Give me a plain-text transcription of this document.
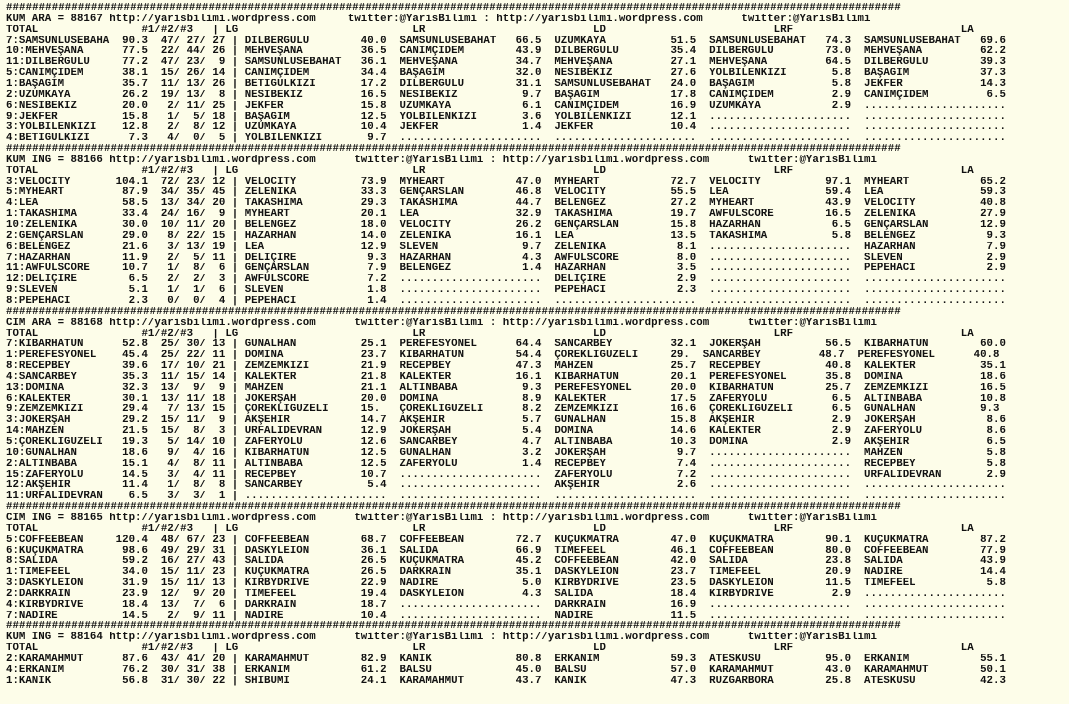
#########################################################################################################################################
KUM ARA = 88167 http://yarisbilimi.wordpress.com     twitter:@YarisBilimi : http://yarisbilimi.wordpress.com      twitter:@YarisBilimi
TOTAL                #1/#2/#3   | LG                           LR                          LD                          LRF                          LA
7:SAMSUNLUSEBAHA  90.3  47/ 27/ 27 | DİLBERGÜLÜ        40.0  SAMSUNLUSEBAHAT   66.5  ÜZÜMKAYA          51.5  SAMSUNLUSEBAHAT   74.3  SAMSUNLUSEBAHAT   69.6
10:MEHVEŞANA      77.5  22/ 44/ 26 | MEHVEŞANA         36.5  CANIMÇİDEM        43.9  DİLBERGÜLÜ        35.4  DİLBERGÜLÜ        73.0  MEHVEŞANA         62.2
11:DİLBERGÜLÜ     77.2  47/ 23/  9 | SAMSUNLUSEBAHAT   36.1  MEHVEŞANA         34.7  MEHVEŞANA         27.1  MEHVEŞANA         64.5  DİLBERGÜLÜ        39.3
5:CANIMÇİDEM      38.1  15/ 26/ 14 | CANIMÇİDEM        34.4  BAŞAĞIM           32.0  NESİBEKİZ         27.6  YOLBİLENKIZI       5.8  BAŞAĞIM           37.3
1:BAŞAĞIM         35.7  11/ 13/ 26 | BETİGÜLKIZI       17.2  DİLBERGÜLÜ        31.1  SAMSUNLUSEBAHAT   24.0  BAŞAĞIM            5.8  JEKFER            14.3
2:ÜZÜMKAYA        26.2  19/ 13/  8 | NESİBEKİZ         16.5  NESİBEKİZ          9.7  BAŞAĞIM           17.8  CANIMÇİDEM         2.9  CANIMÇİDEM         6.5
6:NESİBEKİZ       20.0   2/ 11/ 25 | JEKFER            15.8  ÜZÜMKAYA           6.1  CANIMÇİDEM        16.9  ÜZÜMKAYA           2.9  ......................
9:JEKFER          15.8   1/  5/ 18 | BAŞAĞIM           12.5  YOLBİLENKIZI       3.6  YOLBİLENKIZI      12.1  ......................  ......................
3:YOLBİLENKIZI    12.8   2/  8/ 12 | ÜZÜMKAYA          10.4  JEKFER             1.4  JEKFER            10.4  ......................  ......................
4:BETİGÜLKIZI      7.3   4/  0/  5 | YOLBİLENKIZI       9.7  ......................  ......................  ......................  ......................
#########################################################################################################################################
KUM ING = 88166 http://yarisbilimi.wordpress.com      twitter:@YarisBilimi : http://yarisbilimi.wordpress.com      twitter:@YarisBilimi
TOTAL                #1/#2/#3   | LG                           LR                          LD                          LRF                          LA
3:VELOCITY       104.1  72/ 23/ 12 | VELOCITY          73.9  MYHEART           47.0  MYHEART           72.7  VELOCITY          97.1  MYHEART           65.2
5:MYHEART         87.9  34/ 35/ 45 | ZELENİKA          33.3  GENÇARSLAN        46.8  VELOCITY          55.5  LEA               59.4  LEA               59.3
4:LEA             58.5  13/ 34/ 20 | TAKASHIMA         29.3  TAKASHIMA         44.7  BELENGEZ          27.2  MYHEART           43.9  VELOCITY          40.8
1:TAKASHIMA       33.4  24/ 16/  9 | MYHEART           20.1  LEA               32.9  TAKASHIMA         19.7  AWFULSCORE        16.5  ZELENİKA          27.9
10:ZELENİKA       30.0  10/ 11/ 20 | BELENGEZ          18.0  VELOCITY          26.2  GENÇARSLAN        15.8  HAZARHAN           6.5  GENÇARSLAN        12.9
2:GENÇARSLAN      29.0   8/ 22/ 15 | HAZARHAN          14.0  ZELENİKA          16.1  LEA               13.5  TAKASHIMA          5.8  BELENGEZ           9.3
6:BELENGEZ        21.6   3/ 13/ 19 | LEA               12.9  SLEVEN             9.7  ZELENİKA           8.1  ......................  HAZARHAN           7.9
7:HAZARHAN        11.9   2/  5/ 11 | DELİÇİRE           9.3  HAZARHAN           4.3  AWFULSCORE         8.0  ......................  SLEVEN             2.9
11:AWFULSCORE     10.7   1/  8/  6 | GENÇARSLAN         7.9  BELENGEZ           1.4  HAZARHAN           3.5  ......................  PEPEHACI           2.9
12:DELİÇİRE        6.5   2/  2/  3 | AWFULSCORE         7.2  ......................  DELİÇİRE           2.9  ......................  ......................
9:SLEVEN           5.1   1/  1/  6 | SLEVEN             1.8  ......................  PEPEHACI           2.3  ......................  ......................
8:PEPEHACI         2.3   0/  0/  4 | PEPEHACI           1.4  ......................  ......................  ......................  ......................
#########################################################################################################################################
CIM ARA = 88168 http://yarisbilimi.wordpress.com      twitter:@YarisBilimi : http://yarisbilimi.wordpress.com      twitter:@YarisBilimi
TOTAL                #1/#2/#3   | LG                           LR                          LD                          LRF                          LA
7:KİBARHATUN      52.8  25/ 30/ 13 | GÜNALHAN          25.1  PEREFESYONEL      64.4  SANCARBEY         32.1  JOKERŞAH          56.5  KİBARHATUN        60.0
1:PEREFESYONEL    45.4  25/ 22/ 11 | DOMİNA            23.7  KİBARHATUN        54.4  ÇÖREKLİGÜZELİ     29.  SANCARBEY         48.7  PEREFESYONEL      40.8
8:RECEPBEY        39.6  17/ 10/ 21 | ZEMZEMKIZI        21.9  RECEPBEY          47.3  MAHZEN            25.7  RECEPBEY          40.8  KALEKTER          35.1
4:SANCARBEY       35.3  11/ 15/ 14 | KALEKTER          21.8  KALEKTER          16.1  KİBARHATUN        20.1  PEREFESYONEL      35.8  DOMİNA            18.6
13:DOMİNA         32.3  13/  9/  9 | MAHZEN            21.1  ALTINBABA          9.3  PEREFESYONEL      20.0  KİBARHATUN        25.7  ZEMZEMKIZI        16.5
6:KALEKTER        30.1  13/ 11/ 18 | JOKERŞAH          20.0  DOMİNA             8.9  KALEKTER          17.5  ZAFERYOLU          6.5  ALTINBABA         10.8
9:ZEMZEMKIZI      29.4   7/ 13/ 15 | ÇÖREKLİGÜZELİ     15.   ÇÖREKLİGÜZELİ      8.2  ZEMZEMKIZI        16.6  ÇÖREKLİGÜZELİ      6.5  GÜNALHAN          9.3
3:JOKERŞAH        29.2  15/ 11/  9 | AKŞEHİR           14.7  AKŞEHİR            5.7  GÜNALHAN          15.8  AKŞEHİR            2.9  JOKERŞAH           8.6
14:MAHZEN         21.5  15/  8/  3 | URFALİDEVRAN      12.9  JOKERŞAH           5.4  DOMİNA            14.6  KALEKTER           2.9  ZAFERYOLU          8.6
5:ÇÖREKLİGÜZELİ   19.3   5/ 14/ 10 | ZAFERYOLU         12.6  SANCARBEY          4.7  ALTINBABA         10.3  DOMİNA             2.9  AKŞEHİR            6.5
10:GÜNALHAN       18.6   9/  4/ 16 | KİBARHATUN        12.5  GÜNALHAN           3.2  JOKERŞAH           9.7  ......................  MAHZEN             5.8
2:ALTINBABA       15.1   4/  8/ 11 | ALTINBABA         12.5  ZAFERYOLU          1.4  RECEPBEY           7.4  ......................  RECEPBEY           5.8
15:ZAFERYOLU      14.5   3/  4/ 11 | RECEPBEY          10.7  ......................  ZAFERYOLU          7.2  ......................  URFALİDEVRAN       2.9
12:AKŞEHİR        11.4   1/  8/  8 | SANCARBEY          5.4  ......................  AKŞEHİR            2.6  ......................  ......................
11:URFALİDEVRAN    6.5   3/  3/  1 | ......................  ......................  ......................  ......................  ......................
#########################################################################################################################################
CIM ING = 88165 http://yarisbilimi.wordpress.com      twitter:@YarisBilimi : http://yarisbilimi.wordpress.com      twitter:@YarisBilimi
TOTAL                #1/#2/#3   | LG                           LR                          LD                          LRF                          LA
5:COFFEEBEAN     120.4  48/ 67/ 23 | COFFEEBEAN        68.7  COFFEEBEAN        72.7  KÜÇÜKMATRA        47.0  KÜÇÜKMATRA        90.1  KÜÇÜKMATRA        87.2
6:KÜÇÜKMATRA      98.6  49/ 29/ 31 | DASKYLEİON        36.1  SALİDA            66.9  TIMEFEEL          46.1  COFFEEBEAN        80.0  COFFEEBEAN        77.9
8:SALİDA          59.2  16/ 27/ 43 | SALİDA            26.5  KÜÇÜKMATRA        45.2  COFFEEBEAN        42.0  SALİDA            23.8  SALİDA            43.9
1:TIMEFEEL        34.0  15/ 11/ 23 | KÜÇÜKMATRA        26.5  DARKRAİN          35.1  DASKYLEİON        23.7  TIMEFEEL          20.9  NADİRE            14.4
3:DASKYLEİON      31.9  15/ 11/ 13 | KIRBYDRIVE        22.9  NADİRE             5.0  KIRBYDRIVE        23.5  DASKYLEİON        11.5  TIMEFEEL           5.8
2:DARKRAİN        23.9  12/  9/ 20 | TIMEFEEL          19.4  DASKYLEİON         4.3  SALİDA            18.4  KIRBYDRIVE         2.9  ......................
4:KIRBYDRIVE      18.4  13/  7/  6 | DARKRAİN          18.7  ......................  DARKRAİN          16.9  ......................  ......................
7:NADİRE          14.5   2/  9/ 11 | NADİRE            10.4  ......................  NADİRE            11.5  ......................  ......................
#########################################################################################################################################
KUM ING = 88164 http://yarisbilimi.wordpress.com      twitter:@YarisBilimi : http://yarisbilimi.wordpress.com      twitter:@YarisBilimi
TOTAL                #1/#2/#3   | LG                           LR                          LD                          LRF                          LA
2:KARAMAHMUT      87.6  43/ 41/ 20 | KARAMAHMUT        82.9  KANIK             80.8  ERKANIM           59.3  ATESKUSU          95.0  ERKANIM           55.1
4:ERKANIM         76.2  30/ 31/ 38 | ERKANIM           61.2  BALSU             45.0  BALSU             57.0  KARAMAHMUT        43.0  KARAMAHMUT        50.1
1:KANIK           56.8  31/ 30/ 22 | SHIBUMI           24.1  KARAMAHMUT        43.7  KANIK             47.3  RÜZGARBORA        25.8  ATESKUSU          42.3
